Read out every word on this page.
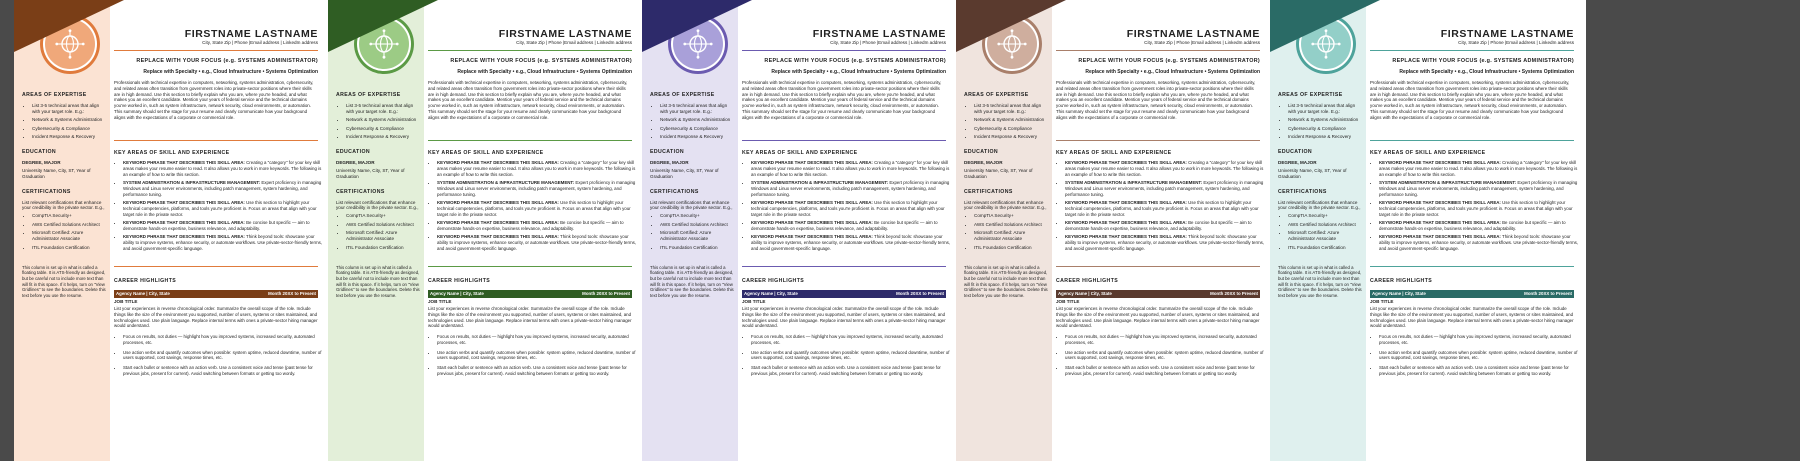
AREAS OF EXPERTISE
• List 3-5 technical areas that align with your target role. E.g.:
• Network & Systems Administration
• Cybersecurity & Compliance
• Incident Response & Recovery
EDUCATION
DEGREE, MAJOR
University Name, City, ST, Year of Graduation
CERTIFICATIONS
List relevant certifications that enhance your credibility in the private sector. E.g.,
• CompTIA Security+
• AWS Certified Solutions Architect
• Microsoft Certified: Azure Administrator Associate
• ITIL Foundation Certification
This column is set up in what is called a floating table. It is ATS-friendly as designed, but be careful not to include more text than will fit in this space. If it helps, turn on "View Gridlines" to see the boundaries. Delete this text before you use the resume.
FIRSTNAME LASTNAME
City, State Zip | Phone |Email address | LinkedIn address
REPLACE WITH YOUR FOCUS (e.g. SYSTEMS ADMINISTRATOR)
Replace with Specialty • e.g., Cloud Infrastructure • Systems Optimization

Professionals with technical expertise in computers, networking, systems administration, cybersecurity, and related areas often transition from government roles into private-sector positions where their skills are in high demand. Use this section to briefly explain who you are, where you're headed, and what makes you an excellent candidate. Mention your years of federal service and the technical domains you've worked in, such as system infrastructure, network security, cloud environments, or automation. This summary should set the stage for your resume and clearly communicate how your background aligns with the expectations of a corporate or commercial role.

KEY AREAS OF SKILL AND EXPERIENCE
• KEYWORD PHRASE THAT DESCRIBES THIS SKILL AREA: Creating a "category" for your key skill areas makes your resume easier to read. It also allows you to work in more keywords. The following is an example of how to write this section.
• SYSTEM ADMINISTRATION & INFRASTRUCTURE MANAGEMENT: Expert proficiency in managing Windows and Linux server environments, including patch management, system hardening, and performance tuning.
• KEYWORD PHRASE THAT DESCRIBES THIS SKILL AREA: Use this section to highlight your technical competencies, platforms, and tools you're proficient in. Focus on areas that align with your target role in the private sector.
• KEYWORD PHRASE THAT DESCRIBES THIS SKILL AREA: Be concise but specific — aim to demonstrate hands-on expertise, business relevance, and adaptability.
• KEYWORD PHRASE THAT DESCRIBES THIS SKILL AREA: Think beyond tools: showcase your ability to improve systems, enhance security, or automate workflows. Use private-sector-friendly terms, and avoid government-specific language.
CAREER HIGHLIGHTS
Agency Name | City, State	Month 20XX to Present
JOB TITLE

List your experiences in reverse chronological order. Summarize the overall scope of the role. Include things like the size of the environment you supported, number of users, systems or sites maintained, and technologies used. Use plain language. Replace internal terms with ones a private-sector hiring manager would understand.

• Focus on results, not duties — highlight how you improved systems, increased security, automated processes, etc.
• Use action verbs and quantify outcomes when possible: system uptime, reduced downtime, number of users supported, cost savings, response times, etc.
• Start each bullet or sentence with an action verb. Use a consistent voice and tense (past tense for previous jobs, present for current). Avoid switching between formats or getting too wordy.
AREAS OF EXPERTISE
• List 3-5 technical areas that align with your target role. E.g.:
• Network & Systems Administration
• Cybersecurity & Compliance
• Incident Response & Recovery
EDUCATION
DEGREE, MAJOR
University Name, City, ST, Year of Graduation
CERTIFICATIONS
List relevant certifications that enhance your credibility in the private sector. E.g.,
• CompTIA Security+
• AWS Certified Solutions Architect
• Microsoft Certified: Azure Administrator Associate
• ITIL Foundation Certification
This column is set up in what is called a floating table. It is ATS-friendly as designed, but be careful not to include more text than will fit in this space. If it helps, turn on "View Gridlines" to see the boundaries. Delete this text before you use the resume.
FIRSTNAME LASTNAME
City, State Zip | Phone |Email address | LinkedIn address
REPLACE WITH YOUR FOCUS (e.g. SYSTEMS ADMINISTRATOR)
Replace with Specialty • e.g., Cloud Infrastructure • Systems Optimization

Professionals with technical expertise in computers, networking, systems administration, cybersecurity, and related areas often transition from government roles into private-sector positions where their skills are in high demand. Use this section to briefly explain who you are, where you're headed, and what makes you an excellent candidate. Mention your years of federal service and the technical domains you've worked in, such as system infrastructure, network security, cloud environments, or automation. This summary should set the stage for your resume and clearly communicate how your background aligns with the expectations of a corporate or commercial role.

KEY AREAS OF SKILL AND EXPERIENCE
• KEYWORD PHRASE THAT DESCRIBES THIS SKILL AREA: Creating a "category" for your key skill areas makes your resume easier to read. It also allows you to work in more keywords. The following is an example of how to write this section.
• SYSTEM ADMINISTRATION & INFRASTRUCTURE MANAGEMENT: Expert proficiency in managing Windows and Linux server environments, including patch management, system hardening, and performance tuning.
• KEYWORD PHRASE THAT DESCRIBES THIS SKILL AREA: Use this section to highlight your technical competencies, platforms, and tools you're proficient in. Focus on areas that align with your target role in the private sector.
• KEYWORD PHRASE THAT DESCRIBES THIS SKILL AREA: Be concise but specific — aim to demonstrate hands-on expertise, business relevance, and adaptability.
• KEYWORD PHRASE THAT DESCRIBES THIS SKILL AREA: Think beyond tools: showcase your ability to improve systems, enhance security, or automate workflows. Use private-sector-friendly terms, and avoid government-specific language.
CAREER HIGHLIGHTS
Agency Name | City, State	Month 20XX to Present
JOB TITLE

List your experiences in reverse chronological order. Summarize the overall scope of the role. Include things like the size of the environment you supported, number of users, systems or sites maintained, and technologies used. Use plain language. Replace internal terms with ones a private-sector hiring manager would understand.

• Focus on results, not duties — highlight how you improved systems, increased security, automated processes, etc.
• Use action verbs and quantify outcomes when possible: system uptime, reduced downtime, number of users supported, cost savings, response times, etc.
• Start each bullet or sentence with an action verb. Use a consistent voice and tense (past tense for previous jobs, present for current). Avoid switching between formats or getting too wordy.
AREAS OF EXPERTISE
• List 3-5 technical areas that align with your target role. E.g.:
• Network & Systems Administration
• Cybersecurity & Compliance
• Incident Response & Recovery
EDUCATION
DEGREE, MAJOR
University Name, City, ST, Year of Graduation
CERTIFICATIONS
List relevant certifications that enhance your credibility in the private sector. E.g.,
• CompTIA Security+
• AWS Certified Solutions Architect
• Microsoft Certified: Azure Administrator Associate
• ITIL Foundation Certification
This column is set up in what is called a floating table. It is ATS-friendly as designed, but be careful not to include more text than will fit in this space. If it helps, turn on "View Gridlines" to see the boundaries. Delete this text before you use the resume.
FIRSTNAME LASTNAME
City, State Zip | Phone |Email address | LinkedIn address
REPLACE WITH YOUR FOCUS (e.g. SYSTEMS ADMINISTRATOR)
Replace with Specialty • e.g., Cloud Infrastructure • Systems Optimization

Professionals with technical expertise in computers, networking, systems administration, cybersecurity, and related areas often transition from government roles into private-sector positions where their skills are in high demand. Use this section to briefly explain who you are, where you're headed, and what makes you an excellent candidate. Mention your years of federal service and the technical domains you've worked in, such as system infrastructure, network security, cloud environments, or automation. This summary should set the stage for your resume and clearly communicate how your background aligns with the expectations of a corporate or commercial role.

KEY AREAS OF SKILL AND EXPERIENCE
• KEYWORD PHRASE THAT DESCRIBES THIS SKILL AREA: Creating a "category" for your key skill areas makes your resume easier to read. It also allows you to work in more keywords. The following is an example of how to write this section.
• SYSTEM ADMINISTRATION & INFRASTRUCTURE MANAGEMENT: Expert proficiency in managing Windows and Linux server environments, including patch management, system hardening, and performance tuning.
• KEYWORD PHRASE THAT DESCRIBES THIS SKILL AREA: Use this section to highlight your technical competencies, platforms, and tools you're proficient in. Focus on areas that align with your target role in the private sector.
• KEYWORD PHRASE THAT DESCRIBES THIS SKILL AREA: Be concise but specific — aim to demonstrate hands-on expertise, business relevance, and adaptability.
• KEYWORD PHRASE THAT DESCRIBES THIS SKILL AREA: Think beyond tools: showcase your ability to improve systems, enhance security, or automate workflows. Use private-sector-friendly terms, and avoid government-specific language.
CAREER HIGHLIGHTS
Agency Name | City, State	Month 20XX to Present
JOB TITLE

List your experiences in reverse chronological order. Summarize the overall scope of the role. Include things like the size of the environment you supported, number of users, systems or sites maintained, and technologies used. Use plain language. Replace internal terms with ones a private-sector hiring manager would understand.

• Focus on results, not duties — highlight how you improved systems, increased security, automated processes, etc.
• Use action verbs and quantify outcomes when possible: system uptime, reduced downtime, number of users supported, cost savings, response times, etc.
• Start each bullet or sentence with an action verb. Use a consistent voice and tense (past tense for previous jobs, present for current). Avoid switching between formats or getting too wordy.
AREAS OF EXPERTISE
• List 3-5 technical areas that align with your target role. E.g.:
• Network & Systems Administration
• Cybersecurity & Compliance
• Incident Response & Recovery
EDUCATION
DEGREE, MAJOR
University Name, City, ST, Year of Graduation
CERTIFICATIONS
List relevant certifications that enhance your credibility in the private sector. E.g.,
• CompTIA Security+
• AWS Certified Solutions Architect
• Microsoft Certified: Azure Administrator Associate
• ITIL Foundation Certification
This column is set up in what is called a floating table. It is ATS-friendly as designed, but be careful not to include more text than will fit in this space. If it helps, turn on "View Gridlines" to see the boundaries. Delete this text before you use the resume.
FIRSTNAME LASTNAME
City, State Zip | Phone |Email address | LinkedIn address
REPLACE WITH YOUR FOCUS (e.g. SYSTEMS ADMINISTRATOR)
Replace with Specialty • e.g., Cloud Infrastructure • Systems Optimization

Professionals with technical expertise in computers, networking, systems administration, cybersecurity, and related areas often transition from government roles into private-sector positions where their skills are in high demand. Use this section to briefly explain who you are, where you're headed, and what makes you an excellent candidate. Mention your years of federal service and the technical domains you've worked in, such as system infrastructure, network security, cloud environments, or automation. This summary should set the stage for your resume and clearly communicate how your background aligns with the expectations of a corporate or commercial role.

KEY AREAS OF SKILL AND EXPERIENCE
• KEYWORD PHRASE THAT DESCRIBES THIS SKILL AREA: Creating a "category" for your key skill areas makes your resume easier to read. It also allows you to work in more keywords. The following is an example of how to write this section.
• SYSTEM ADMINISTRATION & INFRASTRUCTURE MANAGEMENT: Expert proficiency in managing Windows and Linux server environments, including patch management, system hardening, and performance tuning.
• KEYWORD PHRASE THAT DESCRIBES THIS SKILL AREA: Use this section to highlight your technical competencies, platforms, and tools you're proficient in. Focus on areas that align with your target role in the private sector.
• KEYWORD PHRASE THAT DESCRIBES THIS SKILL AREA: Be concise but specific — aim to demonstrate hands-on expertise, business relevance, and adaptability.
• KEYWORD PHRASE THAT DESCRIBES THIS SKILL AREA: Think beyond tools: showcase your ability to improve systems, enhance security, or automate workflows. Use private-sector-friendly terms, and avoid government-specific language.
CAREER HIGHLIGHTS
Agency Name | City, State	Month 20XX to Present
JOB TITLE

List your experiences in reverse chronological order. Summarize the overall scope of the role. Include things like the size of the environment you supported, number of users, systems or sites maintained, and technologies used. Use plain language. Replace internal terms with ones a private-sector hiring manager would understand.

• Focus on results, not duties — highlight how you improved systems, increased security, automated processes, etc.
• Use action verbs and quantify outcomes when possible: system uptime, reduced downtime, number of users supported, cost savings, response times, etc.
• Start each bullet or sentence with an action verb. Use a consistent voice and tense (past tense for previous jobs, present for current). Avoid switching between formats or getting too wordy.
AREAS OF EXPERTISE
• List 3-5 technical areas that align with your target role. E.g.:
• Network & Systems Administration
• Cybersecurity & Compliance
• Incident Response & Recovery
EDUCATION
DEGREE, MAJOR
University Name, City, ST, Year of Graduation
CERTIFICATIONS
List relevant certifications that enhance your credibility in the private sector. E.g.,
• CompTIA Security+
• AWS Certified Solutions Architect
• Microsoft Certified: Azure Administrator Associate
• ITIL Foundation Certification
This column is set up in what is called a floating table. It is ATS-friendly as designed, but be careful not to include more text than will fit in this space. If it helps, turn on "View Gridlines" to see the boundaries. Delete this text before you use the resume.
FIRSTNAME LASTNAME
City, State Zip | Phone |Email address | LinkedIn address
REPLACE WITH YOUR FOCUS (e.g. SYSTEMS ADMINISTRATOR)
Replace with Specialty • e.g., Cloud Infrastructure • Systems Optimization

Professionals with technical expertise in computers, networking, systems administration, cybersecurity, and related areas often transition from government roles into private-sector positions where their skills are in high demand. Use this section to briefly explain who you are, where you're headed, and what makes you an excellent candidate. Mention your years of federal service and the technical domains you've worked in, such as system infrastructure, network security, cloud environments, or automation. This summary should set the stage for your resume and clearly communicate how your background aligns with the expectations of a corporate or commercial role.

KEY AREAS OF SKILL AND EXPERIENCE
• KEYWORD PHRASE THAT DESCRIBES THIS SKILL AREA: Creating a "category" for your key skill areas makes your resume easier to read. It also allows you to work in more keywords. The following is an example of how to write this section.
• SYSTEM ADMINISTRATION & INFRASTRUCTURE MANAGEMENT: Expert proficiency in managing Windows and Linux server environments, including patch management, system hardening, and performance tuning.
• KEYWORD PHRASE THAT DESCRIBES THIS SKILL AREA: Use this section to highlight your technical competencies, platforms, and tools you're proficient in. Focus on areas that align with your target role in the private sector.
• KEYWORD PHRASE THAT DESCRIBES THIS SKILL AREA: Be concise but specific — aim to demonstrate hands-on expertise, business relevance, and adaptability.
• KEYWORD PHRASE THAT DESCRIBES THIS SKILL AREA: Think beyond tools: showcase your ability to improve systems, enhance security, or automate workflows. Use private-sector-friendly terms, and avoid government-specific language.
CAREER HIGHLIGHTS
Agency Name | City, State	Month 20XX to Present
JOB TITLE

List your experiences in reverse chronological order. Summarize the overall scope of the role. Include things like the size of the environment you supported, number of users, systems or sites maintained, and technologies used. Use plain language. Replace internal terms with ones a private-sector hiring manager would understand.

• Focus on results, not duties — highlight how you improved systems, increased security, automated processes, etc.
• Use action verbs and quantify outcomes when possible: system uptime, reduced downtime, number of users supported, cost savings, response times, etc.
• Start each bullet or sentence with an action verb. Use a consistent voice and tense (past tense for previous jobs, present for current). Avoid switching between formats or getting too wordy.
